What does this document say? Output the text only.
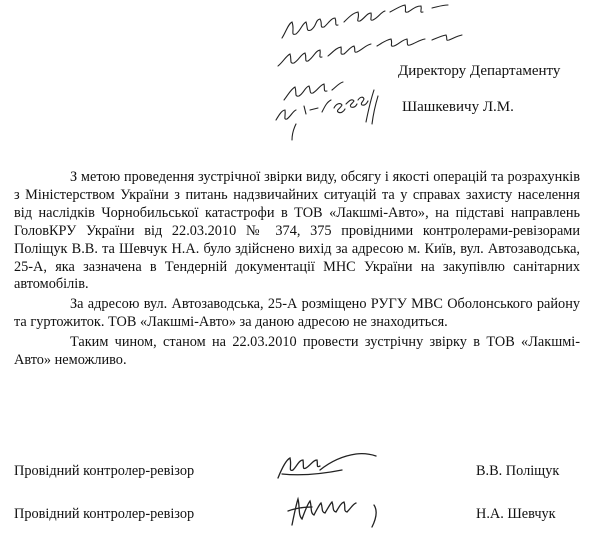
Директору Департаменту
Шашкевичу Л.М.

З метою проведення зустрічної звірки виду, обсягу і якості операцій та розрахунків з Міністерством України з питань надзвичайних ситуацій та у справах захисту населення від наслідків Чорнобильської катастрофи в ТОВ «Лакшмі-Авто», на підставі направлень ГоловКРУ України від 22.03.2010 № 374, 375 провідними контролерами-ревізорами Поліщук В.В. та Шевчук Н.А. було здійснено вихід за адресою м. Київ, вул. Автозаводська, 25-А, яка зазначена в Тендерній документації МНС України на закупівлю санітарних автомобілів.

За адресою вул. Автозаводська, 25-А розміщено РУГУ МВС Оболонського району та гуртожиток. ТОВ «Лакшмі-Авто» за даною адресою не знаходиться.

Таким чином, станом на 22.03.2010 провести зустрічну звірку в ТОВ «Лакшмі-Авто» неможливо.

Провідний контролер-ревізор	В.В. Поліщук
Провідний контролер-ревізор	Н.А. Шевчук
